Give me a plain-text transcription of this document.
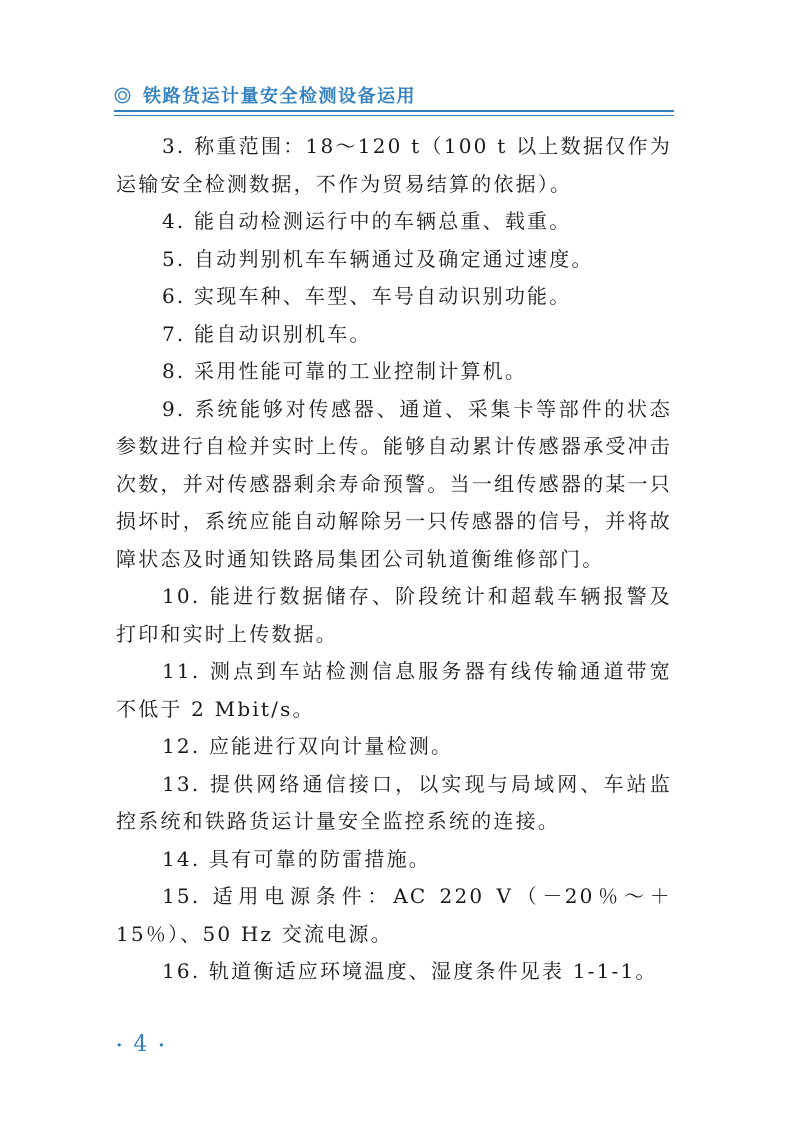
铁路货运计量安全检测设备运用

3. 称重范围：18～120 t（100 t 以上数据仅作为运输安全检测数据，不作为贸易结算的依据）。

4. 能自动检测运行中的车辆总重、载重。

5. 自动判别机车车辆通过及确定通过速度。

6. 实现车种、车型、车号自动识别功能。

7. 能自动识别机车。

8. 采用性能可靠的工业控制计算机。

9. 系统能够对传感器、通道、采集卡等部件的状态参数进行自检并实时上传。能够自动累计传感器承受冲击次数，并对传感器剩余寿命预警。当一组传感器的某一只损坏时，系统应能自动解除另一只传感器的信号，并将故障状态及时通知铁路局集团公司轨道衡维修部门。

10. 能进行数据储存、阶段统计和超载车辆报警及打印和实时上传数据。

11. 测点到车站检测信息服务器有线传输通道带宽不低于 2 Mbit/s。

12. 应能进行双向计量检测。

13. 提供网络通信接口，以实现与局域网、车站监控系统和铁路货运计量安全监控系统的连接。

14. 具有可靠的防雷措施。

15. 适用电源条件：AC 220 V（－20％～＋15％）、50 Hz 交流电源。

16. 轨道衡适应环境温度、湿度条件见表 1-1-1。

· 4 ·
